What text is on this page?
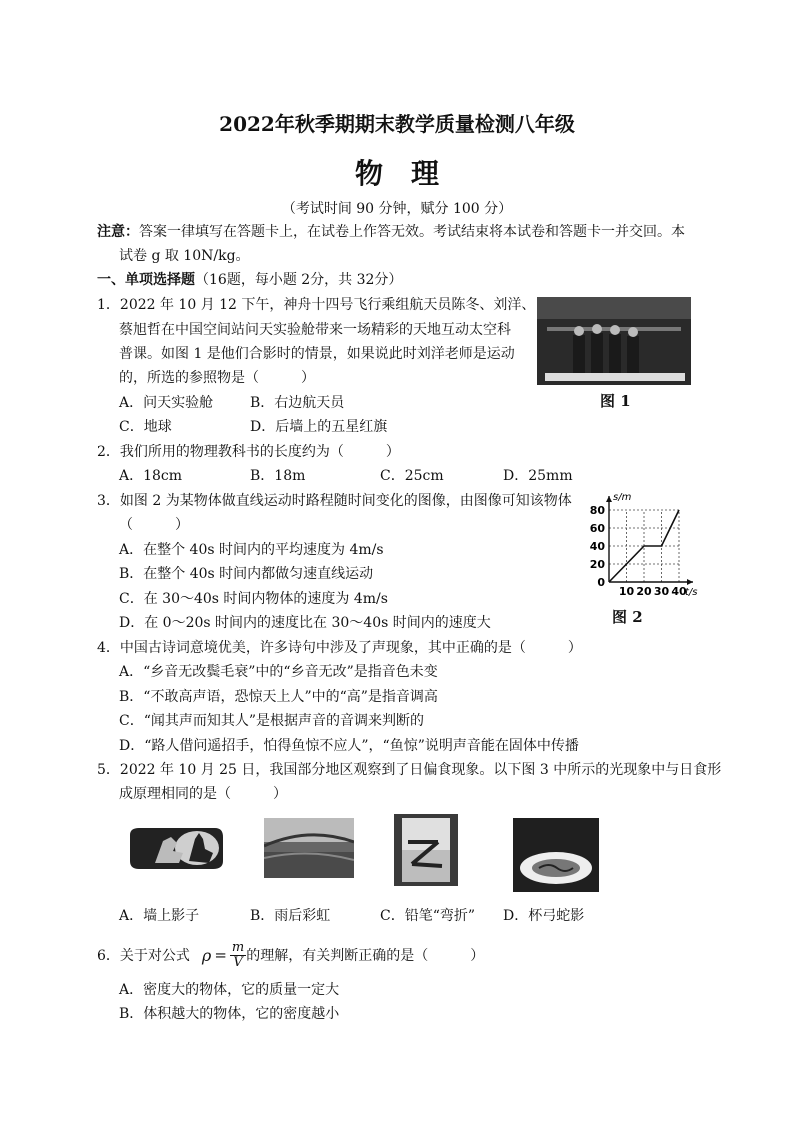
2022年秋季期期末教学质量检测八年级
物　理
（考试时间 90 分钟，赋分 100 分）
注意：答案一律填写在答题卡上，在试卷上作答无效。考试结束将本试卷和答题卡一并交回。本
试卷 g 取 10N/kg。
一、单项选择题（16题，每小题 2分，共 32分）
1．2022 年 10 月 12 下午，神舟十四号飞行乘组航天员陈冬、刘洋、
蔡旭哲在中国空间站问天实验舱带来一场精彩的天地互动太空科
普课。如图 1 是他们合影时的情景，如果说此时刘洋老师是运动
的，所选的参照物是（　　　）
A．问天实验舱	B．右边航天员
C．地球	D．后墙上的五星红旗
图 1
2．我们所用的物理教科书的长度约为（　　　）
A．18cm	B．18m	C．25cm	D．25mm
3．如图 2 为某物体做直线运动时路程随时间变化的图像，由图像可知该物体
（　　　）
A．在整个 40s 时间内的平均速度为 4m/s
B．在整个 40s 时间内都做匀速直线运动
C．在 30～40s 时间内物体的速度为 4m/s
D．在 0～20s 时间内的速度比在 30～40s 时间内的速度大
10 20 30 40
20
40
60
80
0
t/s
s/m
图 2
4．中国古诗词意境优美，许多诗句中涉及了声现象，其中正确的是（　　　）
A．“乡音无改鬓毛衰”中的“乡音无改”是指音色未变
B．“不敢高声语，恐惊天上人”中的“高”是指音调高
C．“闻其声而知其人”是根据声音的音调来判断的
D．“路人借问遥招手，怕得鱼惊不应人”，“鱼惊”说明声音能在固体中传播
5．2022 年 10 月 25 日，我国部分地区观察到了日偏食现象。以下图 3 中所示的光现象中与日食形
成原理相同的是（　　　）
A．墙上影子	B．雨后彩虹	C．铅笔“弯折” D．杯弓蛇影
6．关于对公式 $\rho = \frac{m}{V}$ 的理解，有关判断正确的是（　　　）
A．密度大的物体，它的质量一定大
B．体积越大的物体，它的密度越小
